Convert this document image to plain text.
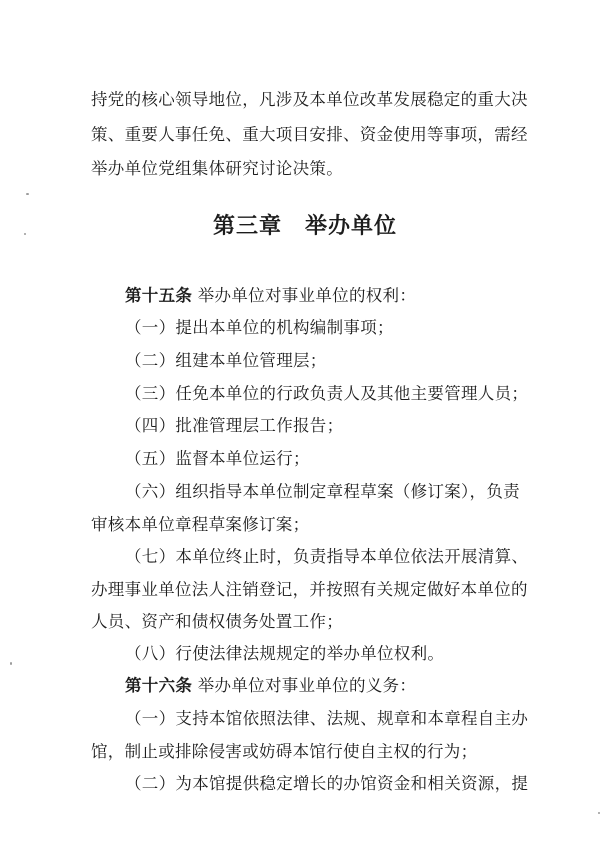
持党的核心领导地位，凡涉及本单位改革发展稳定的重大决
策、重要人事任免、重大项目安排、资金使用等事项，需经
举办单位党组集体研究讨论决策。
第三章　举办单位
第十五条 举办单位对事业单位的权利：
（一）提出本单位的机构编制事项；
（二）组建本单位管理层；
（三）任免本单位的行政负责人及其他主要管理人员；
（四）批准管理层工作报告；
（五）监督本单位运行；
（六）组织指导本单位制定章程草案（修订案），负责
审核本单位章程草案修订案；
（七）本单位终止时，负责指导本单位依法开展清算、
办理事业单位法人注销登记，并按照有关规定做好本单位的
人员、资产和债权债务处置工作；
（八）行使法律法规规定的举办单位权利。
第十六条 举办单位对事业单位的义务：
（一）支持本馆依照法律、法规、规章和本章程自主办
馆，制止或排除侵害或妨碍本馆行使自主权的行为；
（二）为本馆提供稳定增长的办馆资金和相关资源，提
